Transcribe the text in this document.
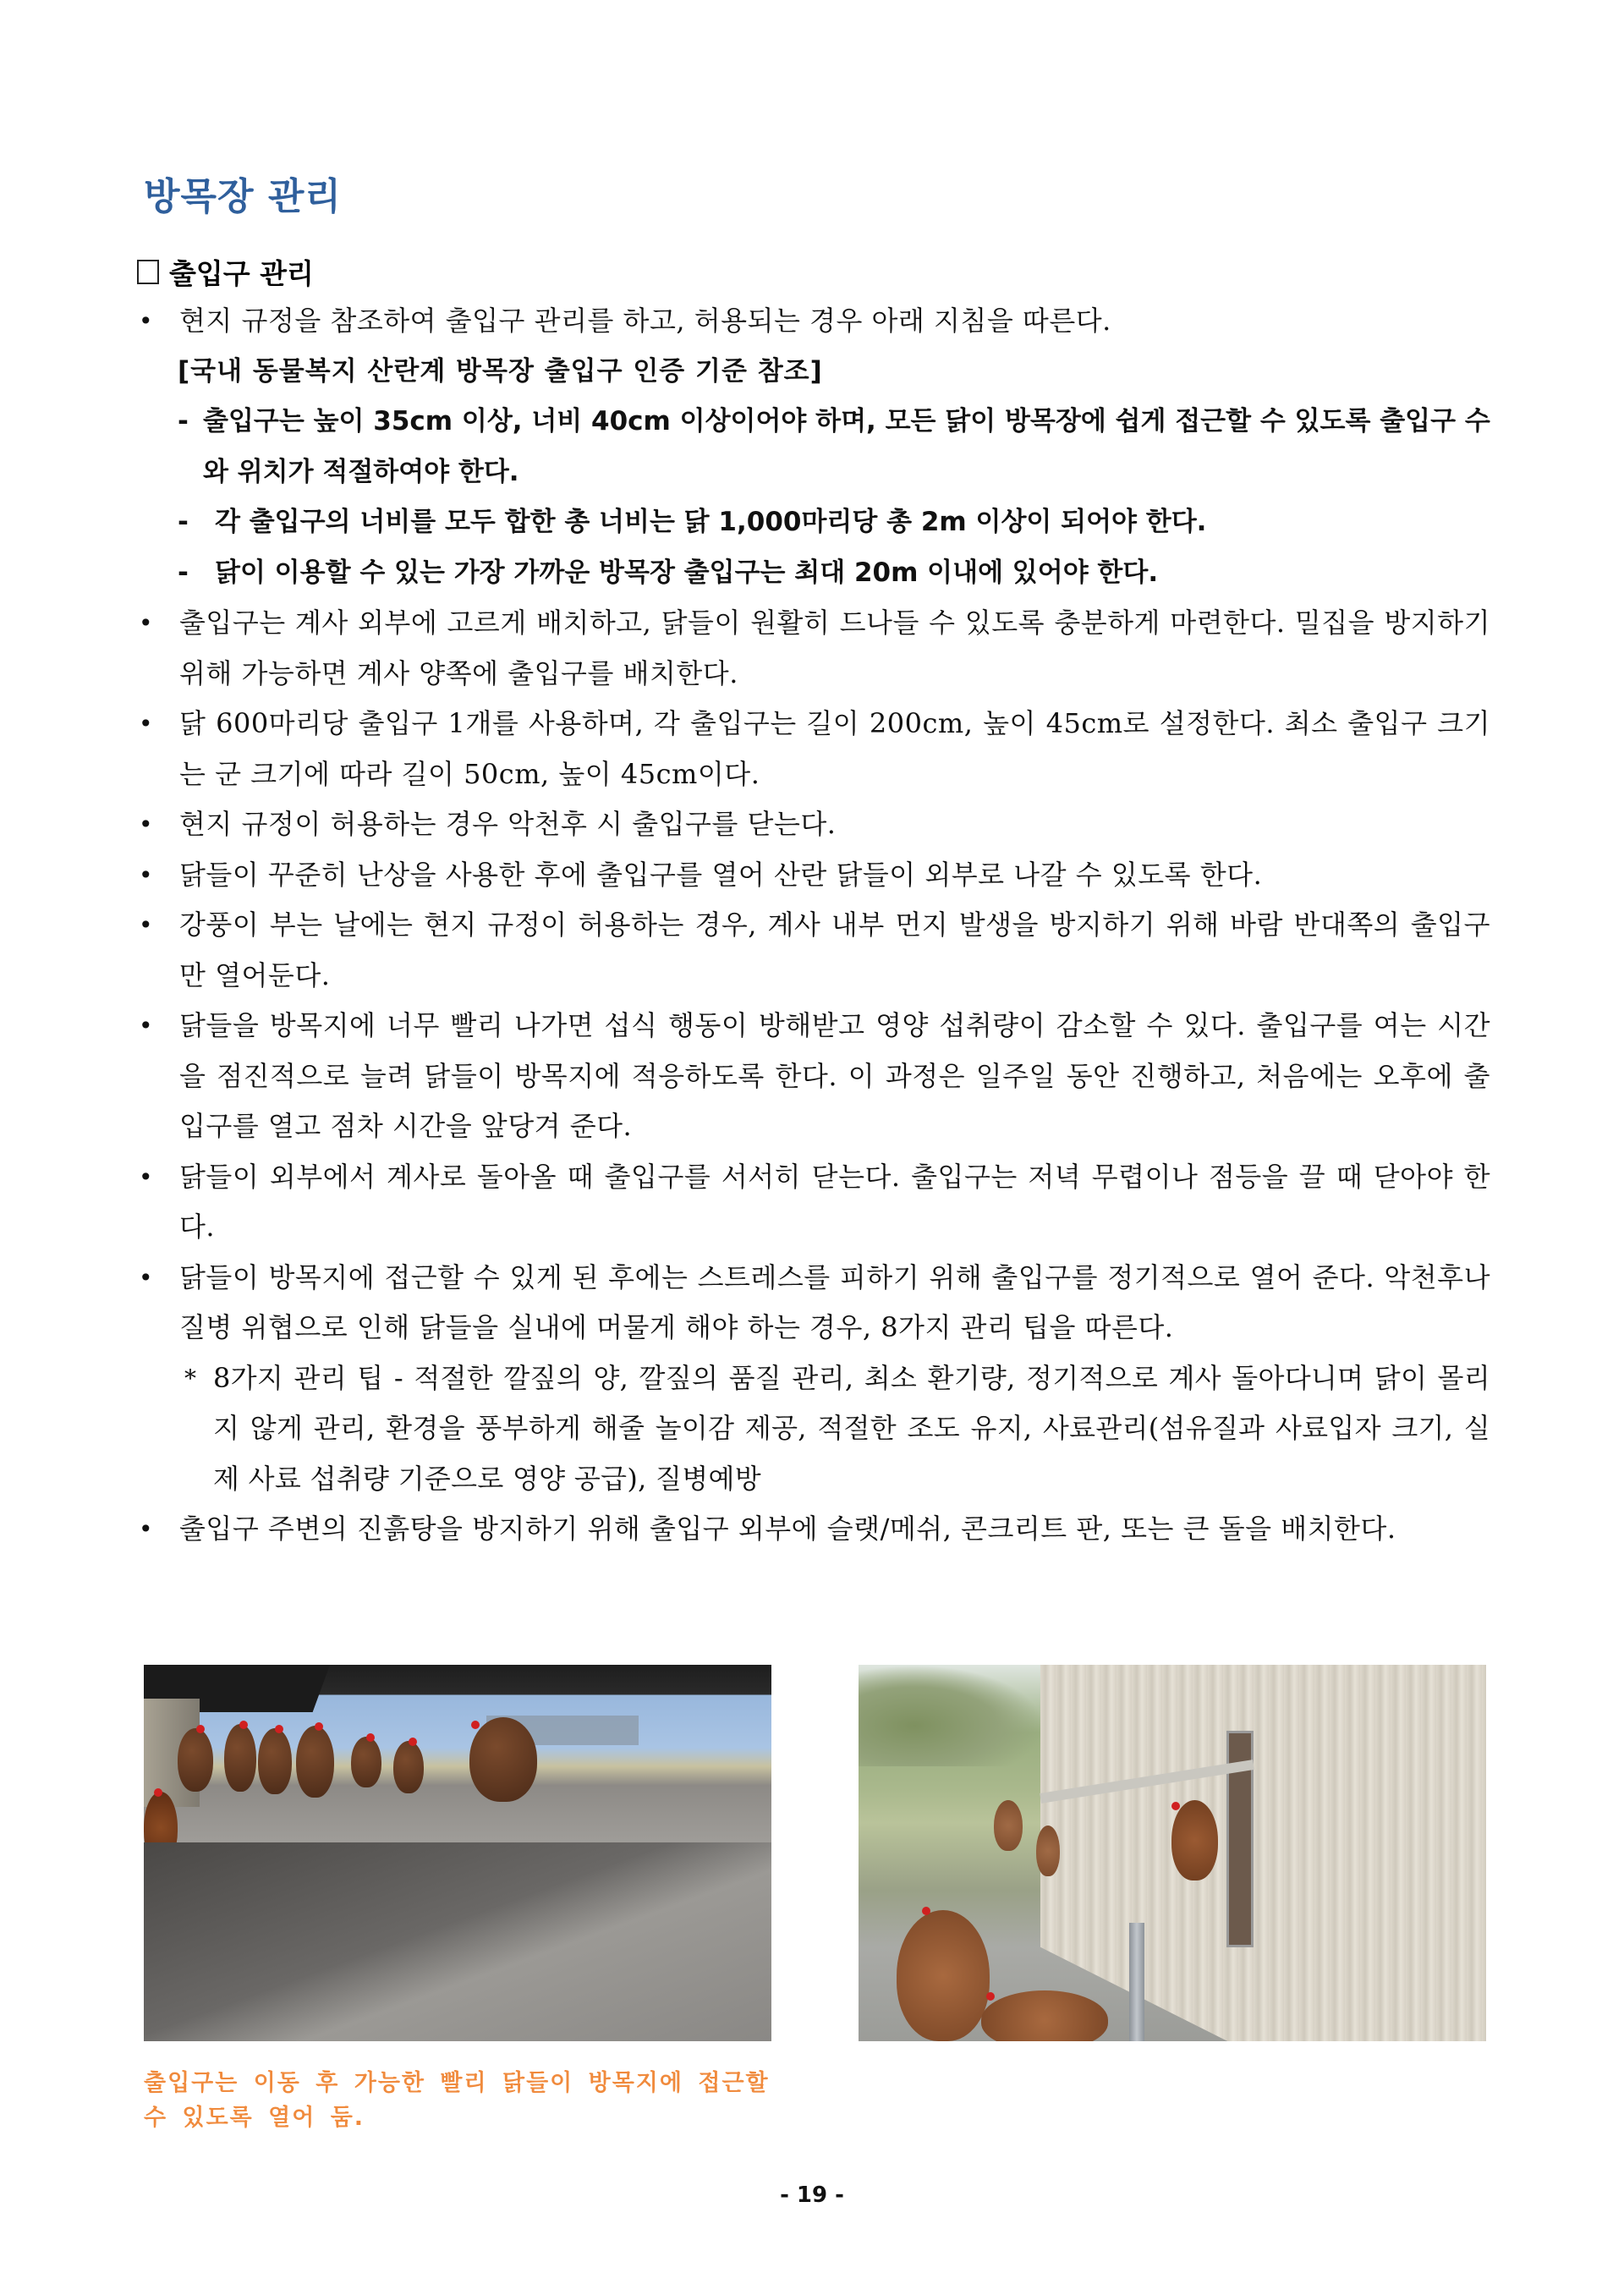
방목장 관리
출입구 관리
• 현지 규정을 참조하여 출입구 관리를 하고, 허용되는 경우 아래 지침을 따른다.
[국내 동물복지 산란계 방목장 출입구 인증 기준 참조]
- 출입구는 높이 35cm 이상, 너비 40cm 이상이어야 하며, 모든 닭이 방목장에 쉽게 접근할 수 있도록 출입구 수와 위치가 적절하여야 한다.
-	각 출입구의 너비를 모두 합한 총 너비는 닭 1,000마리당 총 2m 이상이 되어야 한다.
-	닭이 이용할 수 있는 가장 가까운 방목장 출입구는 최대 20m 이내에 있어야 한다.
• 출입구는 계사 외부에 고르게 배치하고, 닭들이 원활히 드나들 수 있도록 충분하게 마련한다. 밀집을 방지하기 위해 가능하면 계사 양쪽에 출입구를 배치한다.
• 닭 600마리당 출입구 1개를 사용하며, 각 출입구는 길이 200cm, 높이 45cm로 설정한다. 최소 출입구 크기는 군 크기에 따라 길이 50cm, 높이 45cm이다.
• 현지 규정이 허용하는 경우 악천후 시 출입구를 닫는다.
• 닭들이 꾸준히 난상을 사용한 후에 출입구를 열어 산란 닭들이 외부로 나갈 수 있도록 한다.
• 강풍이 부는 날에는 현지 규정이 허용하는 경우, 계사 내부 먼지 발생을 방지하기 위해 바람 반대쪽의 출입구만 열어둔다.
• 닭들을 방목지에 너무 빨리 나가면 섭식 행동이 방해받고 영양 섭취량이 감소할 수 있다. 출입구를 여는 시간을 점진적으로 늘려 닭들이 방목지에 적응하도록 한다. 이 과정은 일주일 동안 진행하고, 처음에는 오후에 출입구를 열고 점차 시간을 앞당겨 준다.
• 닭들이 외부에서 계사로 돌아올 때 출입구를 서서히 닫는다. 출입구는 저녁 무렵이나 점등을 끌 때 닫아야 한다.
• 닭들이 방목지에 접근할 수 있게 된 후에는 스트레스를 피하기 위해 출입구를 정기적으로 열어 준다. 악천후나 질병 위협으로 인해 닭들을 실내에 머물게 해야 하는 경우, 8가지 관리 팁을 따른다.
* 8가지 관리 팁 - 적절한 깔짚의 양, 깔짚의 품질 관리, 최소 환기량, 정기적으로 계사 돌아다니며 닭이 몰리지 않게 관리, 환경을 풍부하게 해줄 놀이감 제공, 적절한 조도 유지, 사료관리(섬유질과 사료입자 크기, 실제 사료 섭취량 기준으로 영양 공급), 질병예방
• 출입구 주변의 진흙탕을 방지하기 위해 출입구 외부에 슬랫/메쉬, 콘크리트 판, 또는 큰 돌을 배치한다.
출입구는 이동 후 가능한 빨리 닭들이 방목지에 접근할 수 있도록 열어 둠.
- 19 -
